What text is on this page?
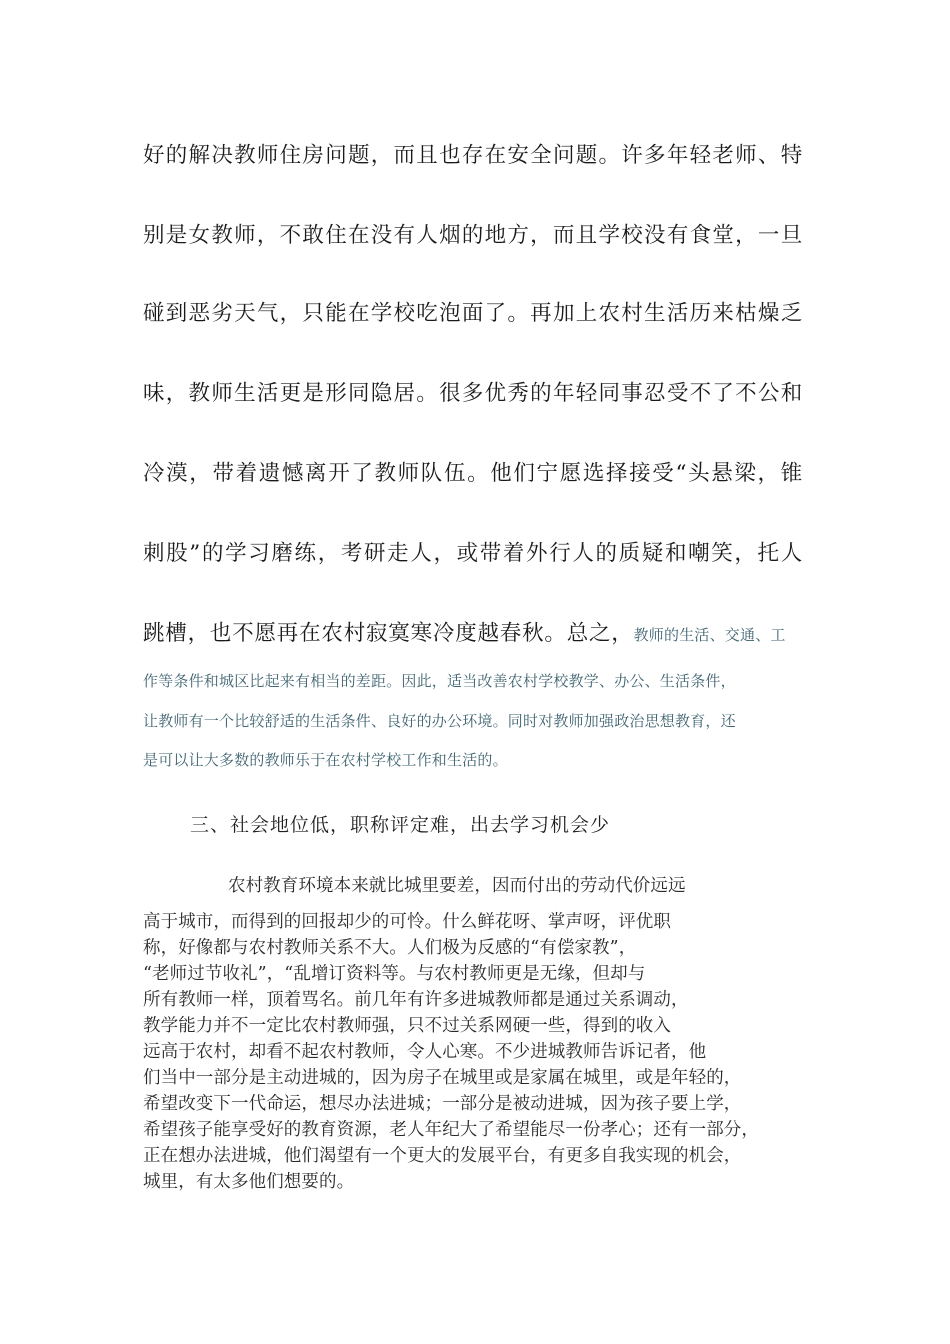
好的解决教师住房问题，而且也存在安全问题。许多年轻老师、特
别是女教师，不敢住在没有人烟的地方，而且学校没有食堂，一旦
碰到恶劣天气，只能在学校吃泡面了。再加上农村生活历来枯燥乏
味，教师生活更是形同隐居。很多优秀的年轻同事忍受不了不公和
冷漠，带着遗憾离开了教师队伍。他们宁愿选择接受“头悬梁，锥
刺股”的学习磨练，考研走人，或带着外行人的质疑和嘲笑，托人
跳槽，也不愿再在农村寂寞寒冷度越春秋。总之，教师的生活、交通、工
作等条件和城区比起来有相当的差距。因此，适当改善农村学校教学、办公、生活条件，
让教师有一个比较舒适的生活条件、良好的办公环境。同时对教师加强政治思想教育，还
是可以让大多数的教师乐于在农村学校工作和生活的。
三、社会地位低，职称评定难，出去学习机会少
农村教育环境本来就比城里要差，因而付出的劳动代价远远
高于城市，而得到的回报却少的可怜。什么鲜花呀、掌声呀，评优职
称，好像都与农村教师关系不大。人们极为反感的“有偿家教”，
“老师过节收礼”，“乱增订资料等。与农村教师更是无缘，但却与
所有教师一样，顶着骂名。前几年有许多进城教师都是通过关系调动，
教学能力并不一定比农村教师强，只不过关系网硬一些，得到的收入
远高于农村，却看不起农村教师，令人心寒。不少进城教师告诉记者，他
们当中一部分是主动进城的，因为房子在城里或是家属在城里，或是年轻的，
希望改变下一代命运，想尽办法进城；一部分是被动进城，因为孩子要上学，
希望孩子能享受好的教育资源，老人年纪大了希望能尽一份孝心；还有一部分，
正在想办法进城，他们渴望有一个更大的发展平台，有更多自我实现的机会，
城里，有太多他们想要的。
